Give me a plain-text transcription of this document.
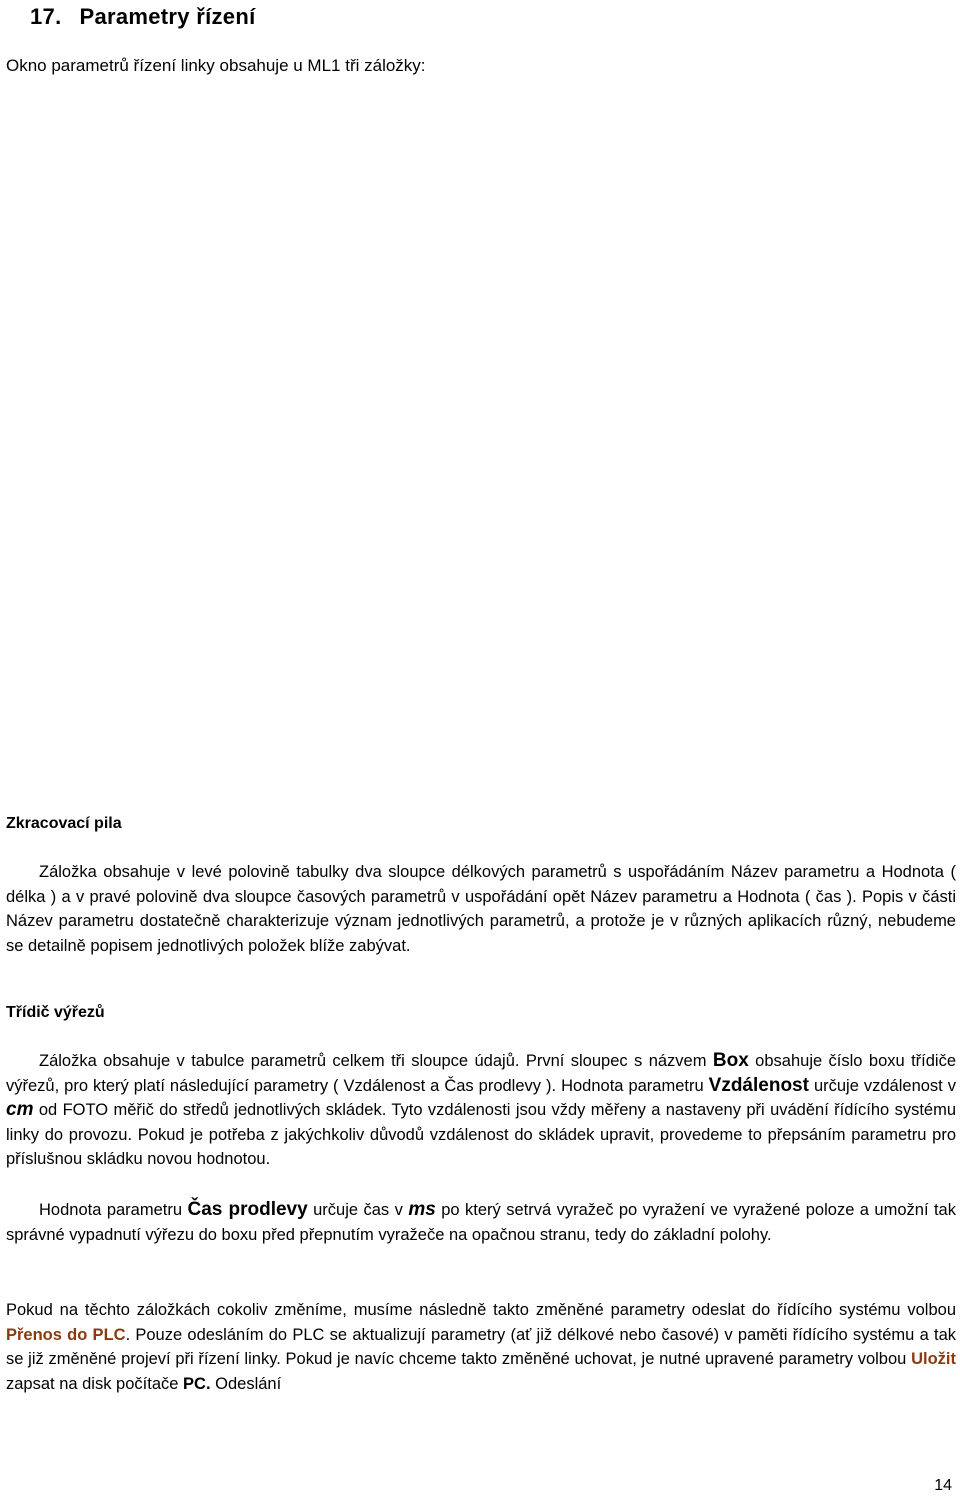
17. Parametry řízení
Okno parametrů řízení linky obsahuje u ML1 tři záložky:
Zkracovací pila
Záložka obsahuje v levé polovině tabulky dva sloupce délkových parametrů s uspořádáním Název parametru a Hodnota ( délka ) a v pravé polovině dva sloupce časových parametrů v uspořádání opět Název parametru a Hodnota ( čas ). Popis v části Název parametru dostatečně charakterizuje význam jednotlivých parametrů, a protože je v různých aplikacích různý, nebudeme se detailně popisem jednotlivých položek blíže zabývat.
Třídič výřezů
Záložka obsahuje v tabulce parametrů celkem tři sloupce údajů. První sloupec s názvem Box obsahuje číslo boxu třídiče výřezů, pro který platí následující parametry ( Vzdálenost a Čas prodlevy ). Hodnota parametru Vzdálenost určuje vzdálenost v cm od FOTO měřič do středů jednotlivých skládek. Tyto vzdálenosti jsou vždy měřeny a nastaveny při uvádění řídícího systému linky do provozu. Pokud je potřeba z jakýchkoliv důvodů vzdálenost do skládek upravit, provedeme to přepsáním parametru pro příslušnou skládku novou hodnotou.
Hodnota parametru Čas prodlevy určuje čas v ms po který setrvá vyražeč po vyražení ve vyražené poloze a umožní tak správné vypadnutí výřezu do boxu před přepnutím vyražeče na opačnou stranu, tedy do základní polohy.
Pokud na těchto záložkách cokoliv změníme, musíme následně takto změněné parametry odeslat do řídícího systému volbou Přenos do PLC. Pouze odesláním do PLC se aktualizují parametry (ať již délkové nebo časové) v paměti řídícího systému a tak se již změněné projeví při řízení linky. Pokud je navíc chceme takto změněné uchovat, je nutné upravené parametry volbou Uložit zapsat na disk počítače PC. Odeslání
14
